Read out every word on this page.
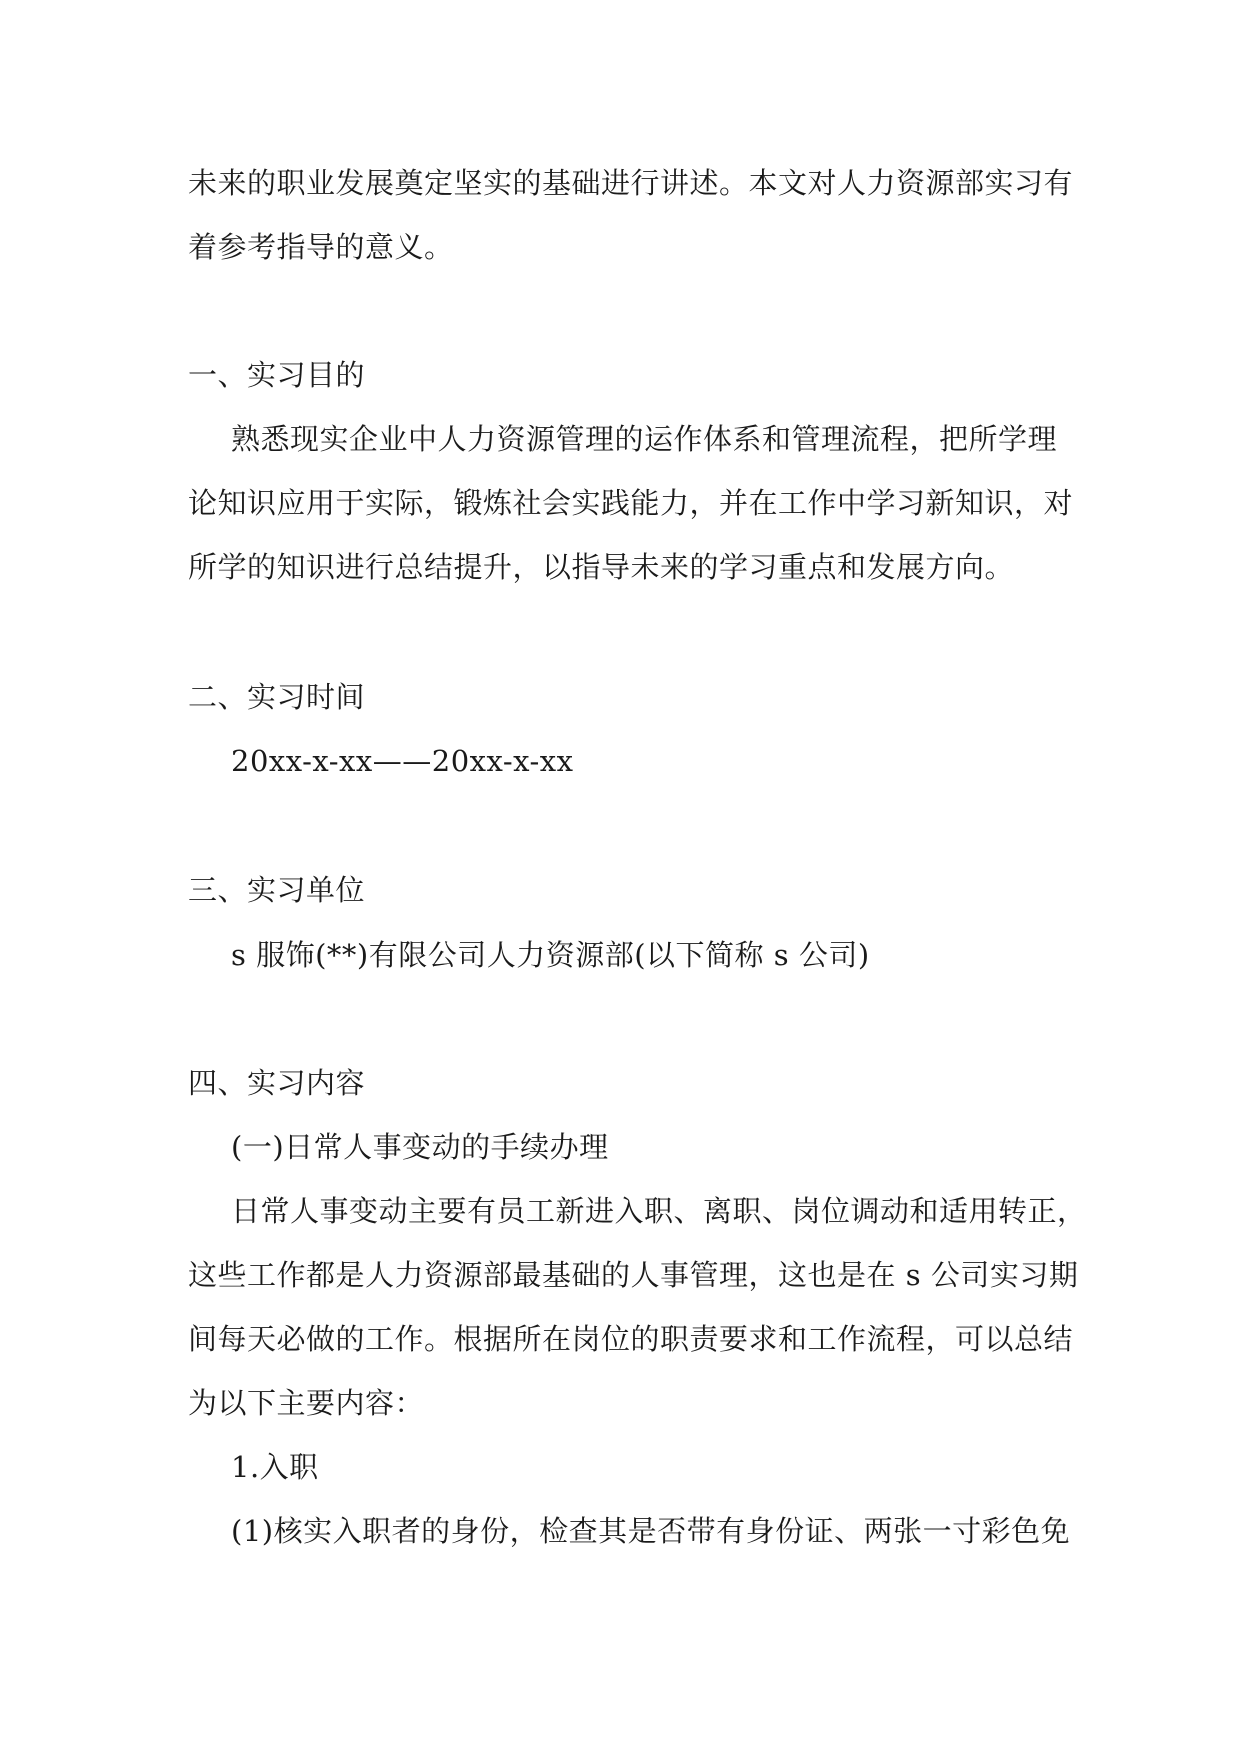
未来的职业发展奠定坚实的基础进行讲述。本文对人力资源部实习有
着参考指导的意义。
一、实习目的
熟悉现实企业中人力资源管理的运作体系和管理流程，把所学理
论知识应用于实际，锻炼社会实践能力，并在工作中学习新知识，对
所学的知识进行总结提升，以指导未来的学习重点和发展方向。
二、实习时间
20xx-x-xx——20xx-x-xx
三、实习单位
s 服饰(**)有限公司人力资源部(以下简称 s 公司)
四、实习内容
(一)日常人事变动的手续办理
日常人事变动主要有员工新进入职、离职、岗位调动和适用转正，
这些工作都是人力资源部最基础的人事管理，这也是在 s 公司实习期
间每天必做的工作。根据所在岗位的职责要求和工作流程，可以总结
为以下主要内容：
1.入职
(1)核实入职者的身份，检查其是否带有身份证、两张一寸彩色免
